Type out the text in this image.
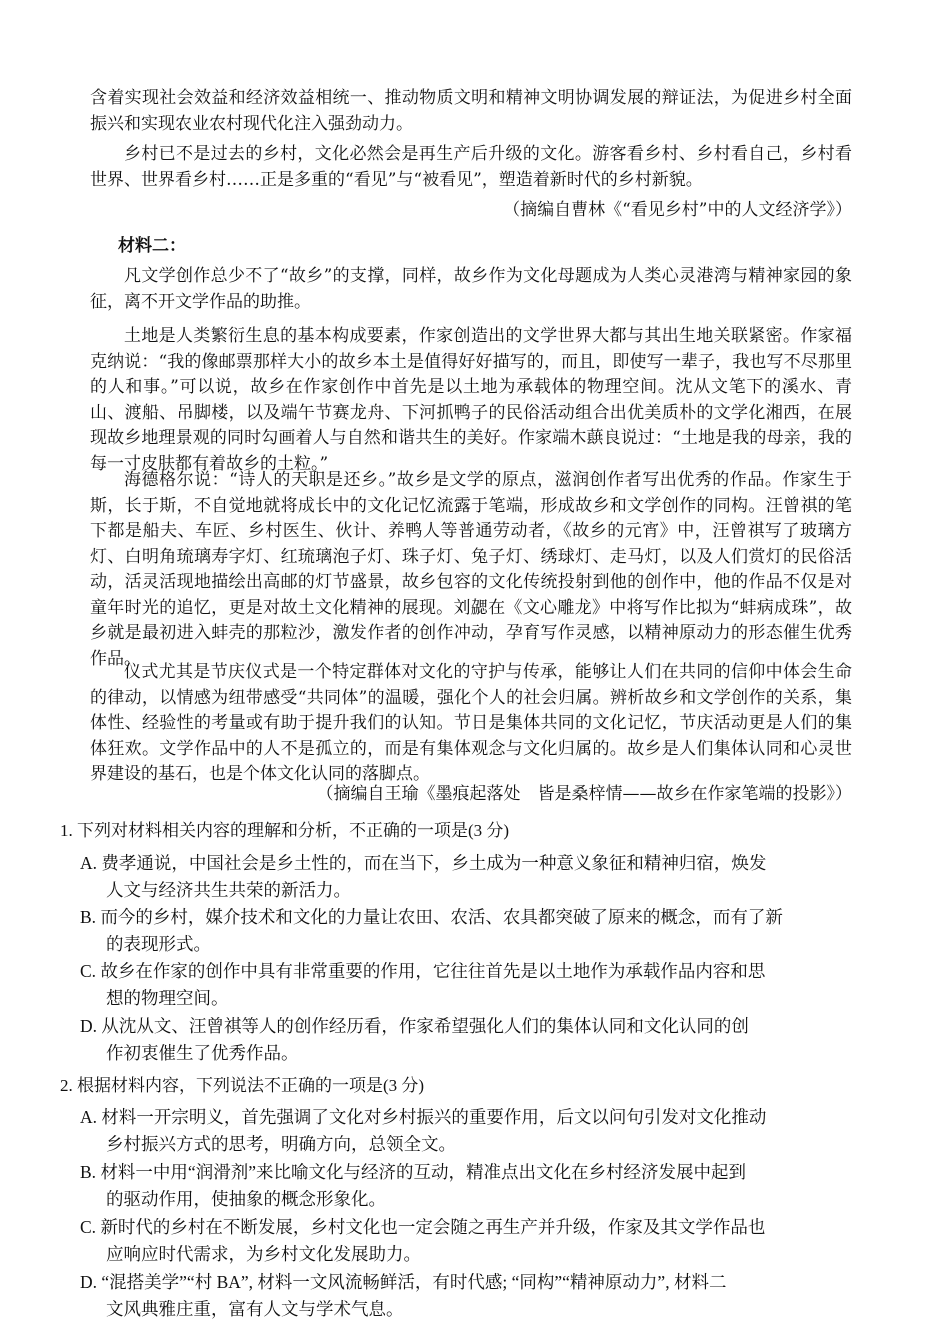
含着实现社会效益和经济效益相统一、推动物质文明和精神文明协调发展的辩证法，为促进乡村全面振兴和实现农业农村现代化注入强劲动力。

乡村已不是过去的乡村，文化必然会是再生产后升级的文化。游客看乡村、乡村看自己，乡村看世界、世界看乡村……正是多重的“看见”与“被看见”，塑造着新时代的乡村新貌。

（摘编自曹林《“看见乡村”中的人文经济学》）
材料二：

凡文学创作总少不了“故乡”的支撑，同样，故乡作为文化母题成为人类心灵港湾与精神家园的象征，离不开文学作品的助推。

土地是人类繁衍生息的基本构成要素，作家创造出的文学世界大都与其出生地关联紧密。作家福克纳说：“我的像邮票那样大小的故乡本土是值得好好描写的，而且，即使写一辈子，我也写不尽那里的人和事。”可以说，故乡在作家创作中首先是以土地为承载体的物理空间。沈从文笔下的溪水、青山、渡船、吊脚楼，以及端午节赛龙舟、下河抓鸭子的民俗活动组合出优美质朴的文学化湘西，在展现故乡地理景观的同时勾画着人与自然和谐共生的美好。作家端木蕻良说过：“土地是我的母亲，我的每一寸皮肤都有着故乡的土粒。”

海德格尔说：“诗人的天职是还乡。”故乡是文学的原点，滋润创作者写出优秀的作品。作家生于斯，长于斯，不自觉地就将成长中的文化记忆流露于笔端，形成故乡和文学创作的同构。汪曾祺的笔下都是船夫、车匠、乡村医生、伙计、养鸭人等普通劳动者，《故乡的元宵》中，汪曾祺写了玻璃方灯、白明角琉璃寿字灯、红琉璃泡子灯、珠子灯、兔子灯、绣球灯、走马灯，以及人们赏灯的民俗活动，活灵活现地描绘出高邮的灯节盛景，故乡包容的文化传统投射到他的创作中，他的作品不仅是对童年时光的追忆，更是对故土文化精神的展现。刘勰在《文心雕龙》中将写作比拟为“蚌病成珠”，故乡就是最初进入蚌壳的那粒沙，激发作者的创作冲动，孕育写作灵感，以精神原动力的形态催生优秀作品。

仪式尤其是节庆仪式是一个特定群体对文化的守护与传承，能够让人们在共同的信仰中体会生命的律动，以情感为纽带感受“共同体”的温暖，强化个人的社会归属。辨析故乡和文学创作的关系，集体性、经验性的考量或有助于提升我们的认知。节日是集体共同的文化记忆，节庆活动更是人们的集体狂欢。文学作品中的人不是孤立的，而是有集体观念与文化归属的。故乡是人们集体认同和心灵世界建设的基石，也是个体文化认同的落脚点。

（摘编自王瑜《墨痕起落处　皆是桑梓情——故乡在作家笔端的投影》）
1. 下列对材料相关内容的理解和分析，不正确的一项是(3 分)
A. 费孝通说，中国社会是乡土性的，而在当下，乡土成为一种意义象征和精神归宿，焕发
人文与经济共生共荣的新活力。
B. 而今的乡村，媒介技术和文化的力量让农田、农活、农具都突破了原来的概念，而有了新
的表现形式。
C. 故乡在作家的创作中具有非常重要的作用，它往往首先是以土地作为承载作品内容和思
想的物理空间。
D. 从沈从文、汪曾祺等人的创作经历看，作家希望强化人们的集体认同和文化认同的创
作初衷催生了优秀作品。
2. 根据材料内容，下列说法不正确的一项是(3 分)
A. 材料一开宗明义，首先强调了文化对乡村振兴的重要作用，后文以问句引发对文化推动
乡村振兴方式的思考，明确方向，总领全文。
B. 材料一中用“润滑剂”来比喻文化与经济的互动，精准点出文化在乡村经济发展中起到
的驱动作用，使抽象的概念形象化。
C. 新时代的乡村在不断发展，乡村文化也一定会随之再生产并升级，作家及其文学作品也
应响应时代需求，为乡村文化发展助力。
D. “混搭美学”“村 BA”, 材料一文风流畅鲜活，有时代感; “同构”“精神原动力”, 材料二
文风典雅庄重，富有人文与学术气息。
